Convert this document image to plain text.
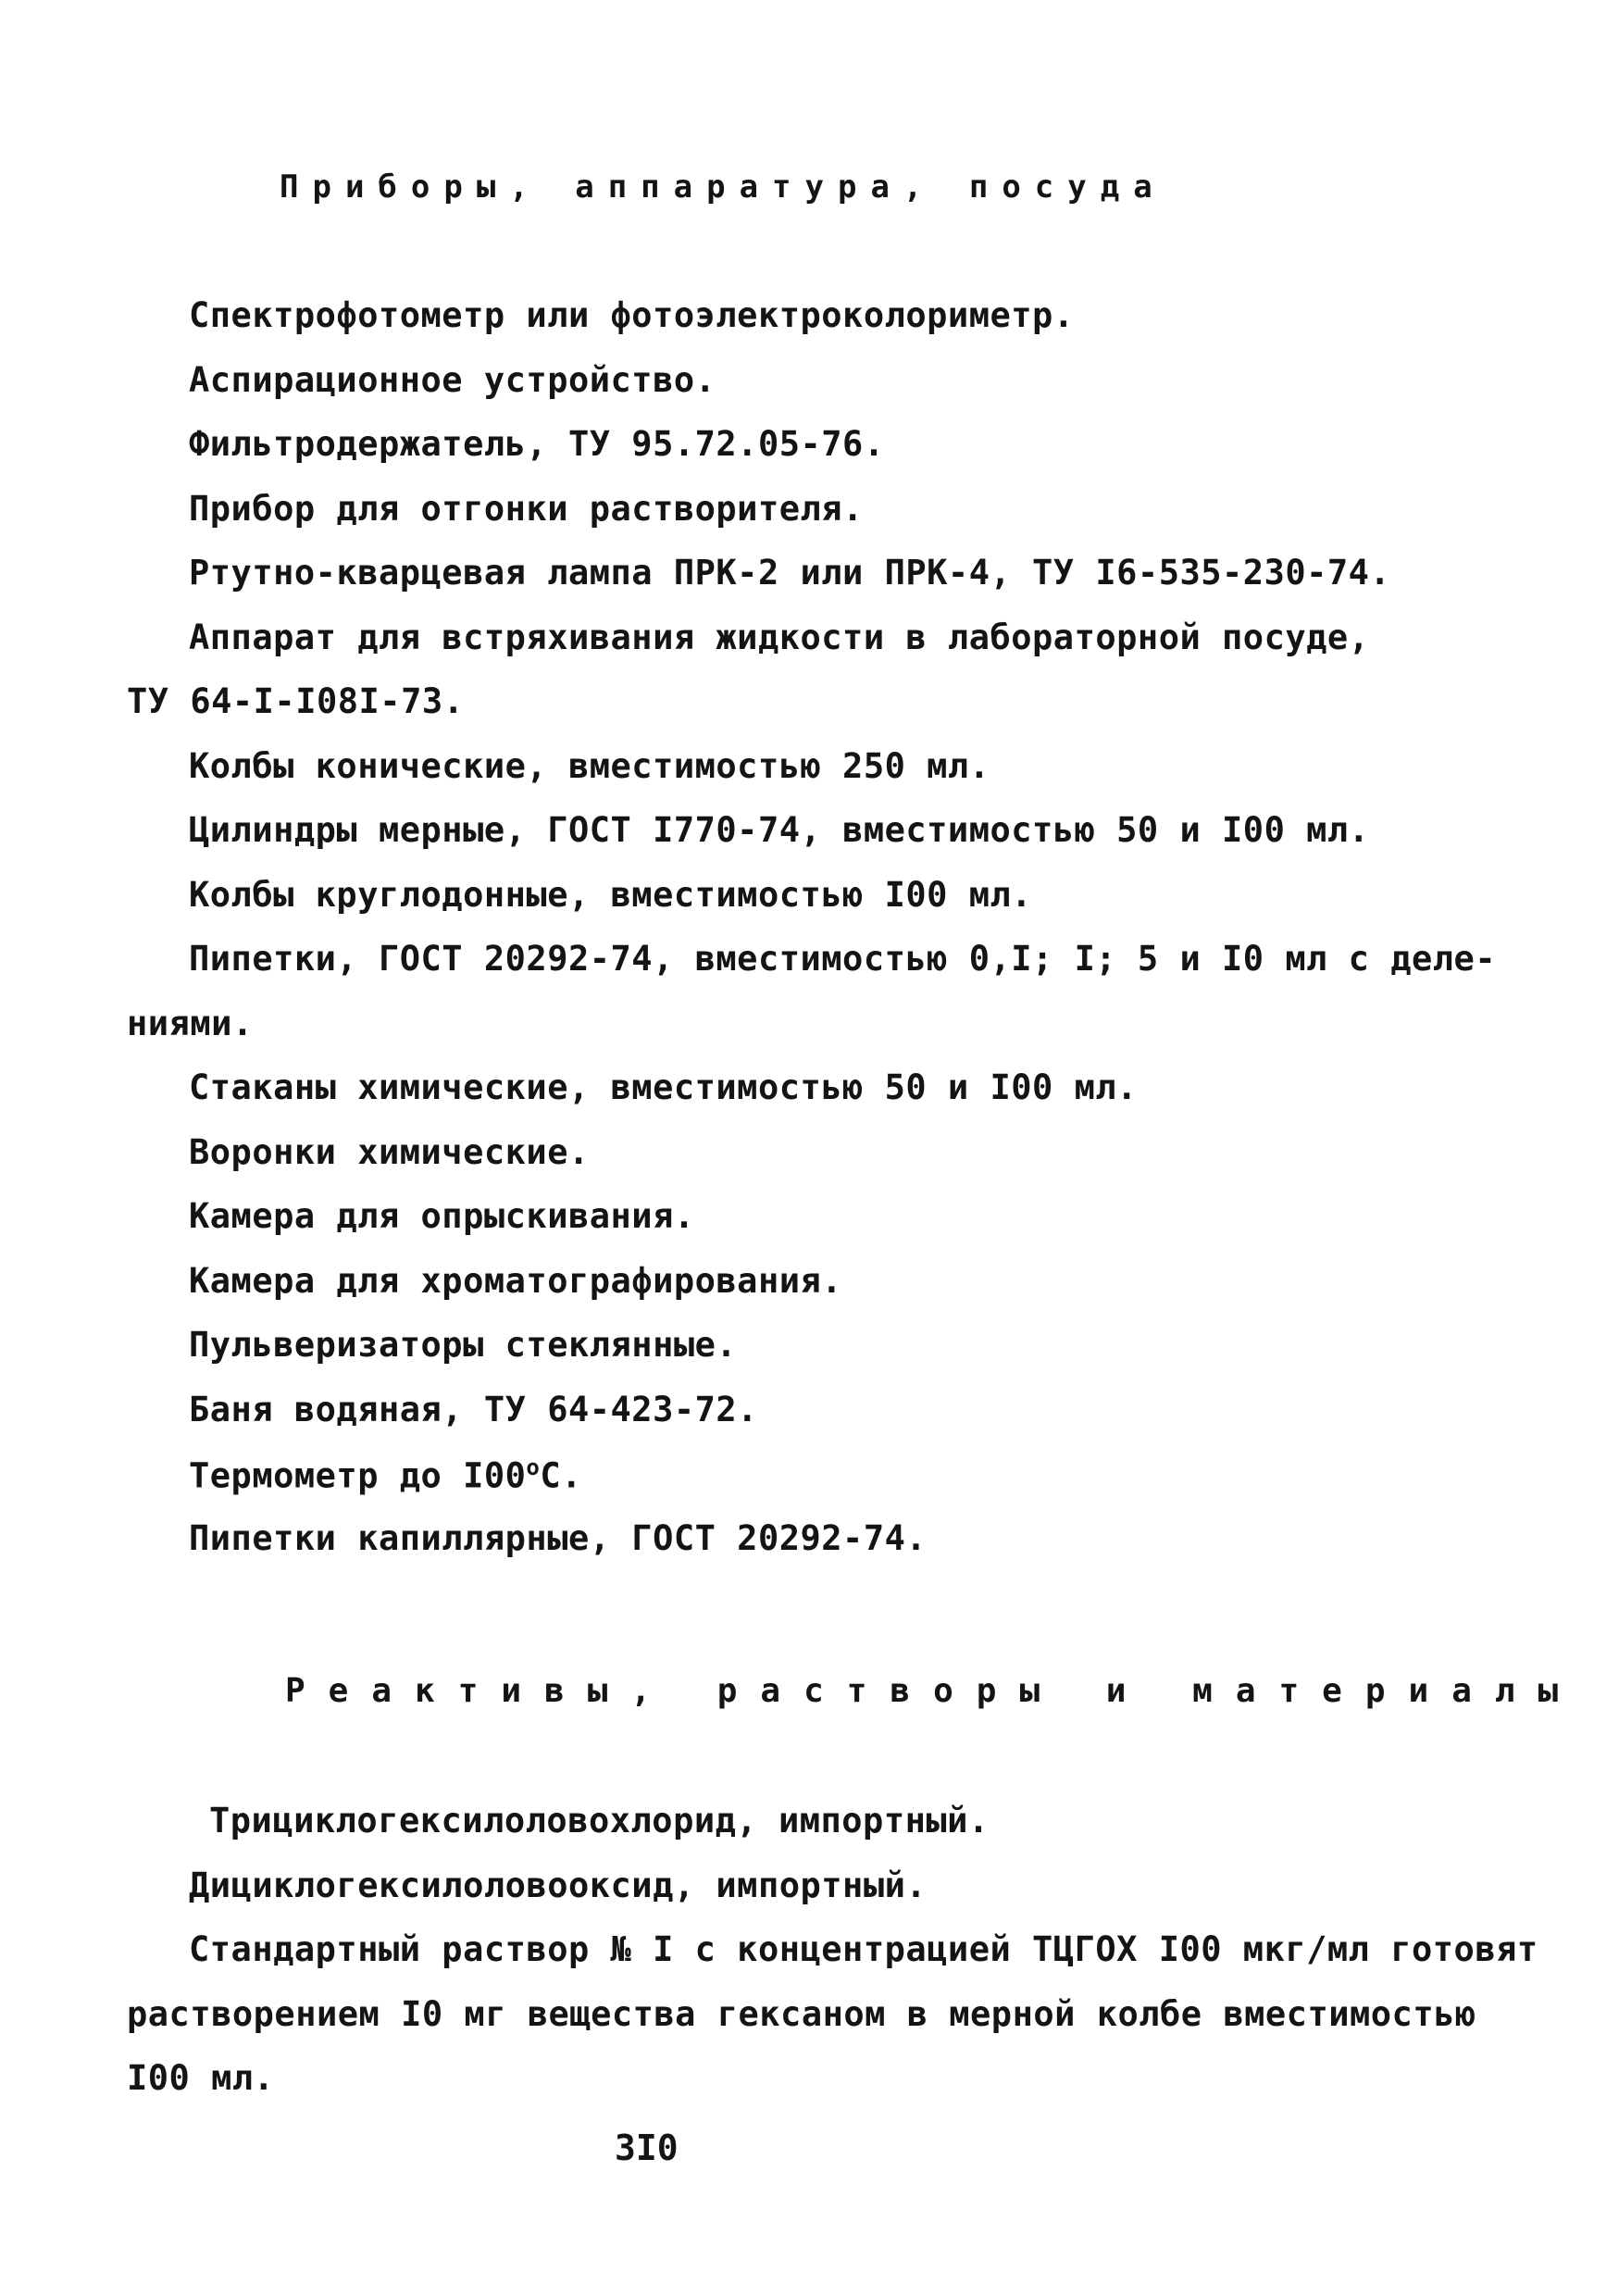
Приборы, аппаратура, посуда

Спектрофотометр или фотоэлектроколориметр.

Аспирационное устройство.

Фильтродержатель, ТУ 95.72.05-76.

Прибор для отгонки растворителя.

Ртутно-кварцевая лампа ПРК-2 или ПРК-4, ТУ I6-535-230-74.

Аппарат для встряхивания жидкости в лабораторной посуде,

ТУ 64-I-I08I-73.

Колбы конические, вместимостью 250 мл.

Цилиндры мерные, ГОСТ I770-74, вместимостью 50 и I00 мл.

Колбы круглодонные, вместимостью I00 мл.

Пипетки, ГОСТ 20292-74, вместимостью 0,I; I; 5 и I0 мл с деле-

ниями.

Стаканы химические, вместимостью 50 и I00 мл.

Воронки химические.

Камера для опрыскивания.

Камера для хроматографирования.

Пульверизаторы стеклянные.

Баня водяная, ТУ 64-423-72.

Термометр до I00$^o$С.

Пипетки капиллярные, ГОСТ 20292-74.

Реактивы, растворы и материалы

Трициклогексилоловохлорид, импортный.

Дициклогексилоловооксид, импортный.

Стандартный раствор № I с концентрацией ТЦГОХ I00 мкг/мл готовят

растворением I0 мг вещества гексаном в мерной колбе вместимостью

I00 мл.

3I0
